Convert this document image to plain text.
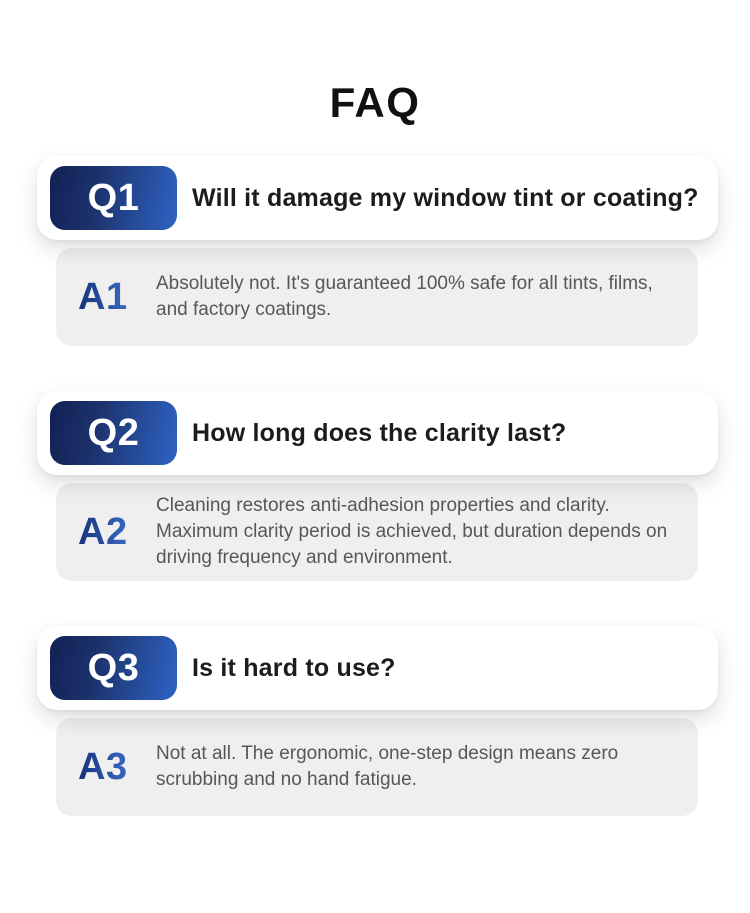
FAQ
Q1 Will it damage my window tint or coating?
A1	Absolutely not. It's guaranteed 100% safe for all tints, films, and factory coatings.
Q2 How long does the clarity last?
A2
Cleaning restores anti-adhesion properties and clarity. Maximum clarity period is achieved, but duration depends on driving frequency and environment.
Q3 Is it hard to use?
A3	Not at all. The ergonomic, one-step design means zero scrubbing and no hand fatigue.
